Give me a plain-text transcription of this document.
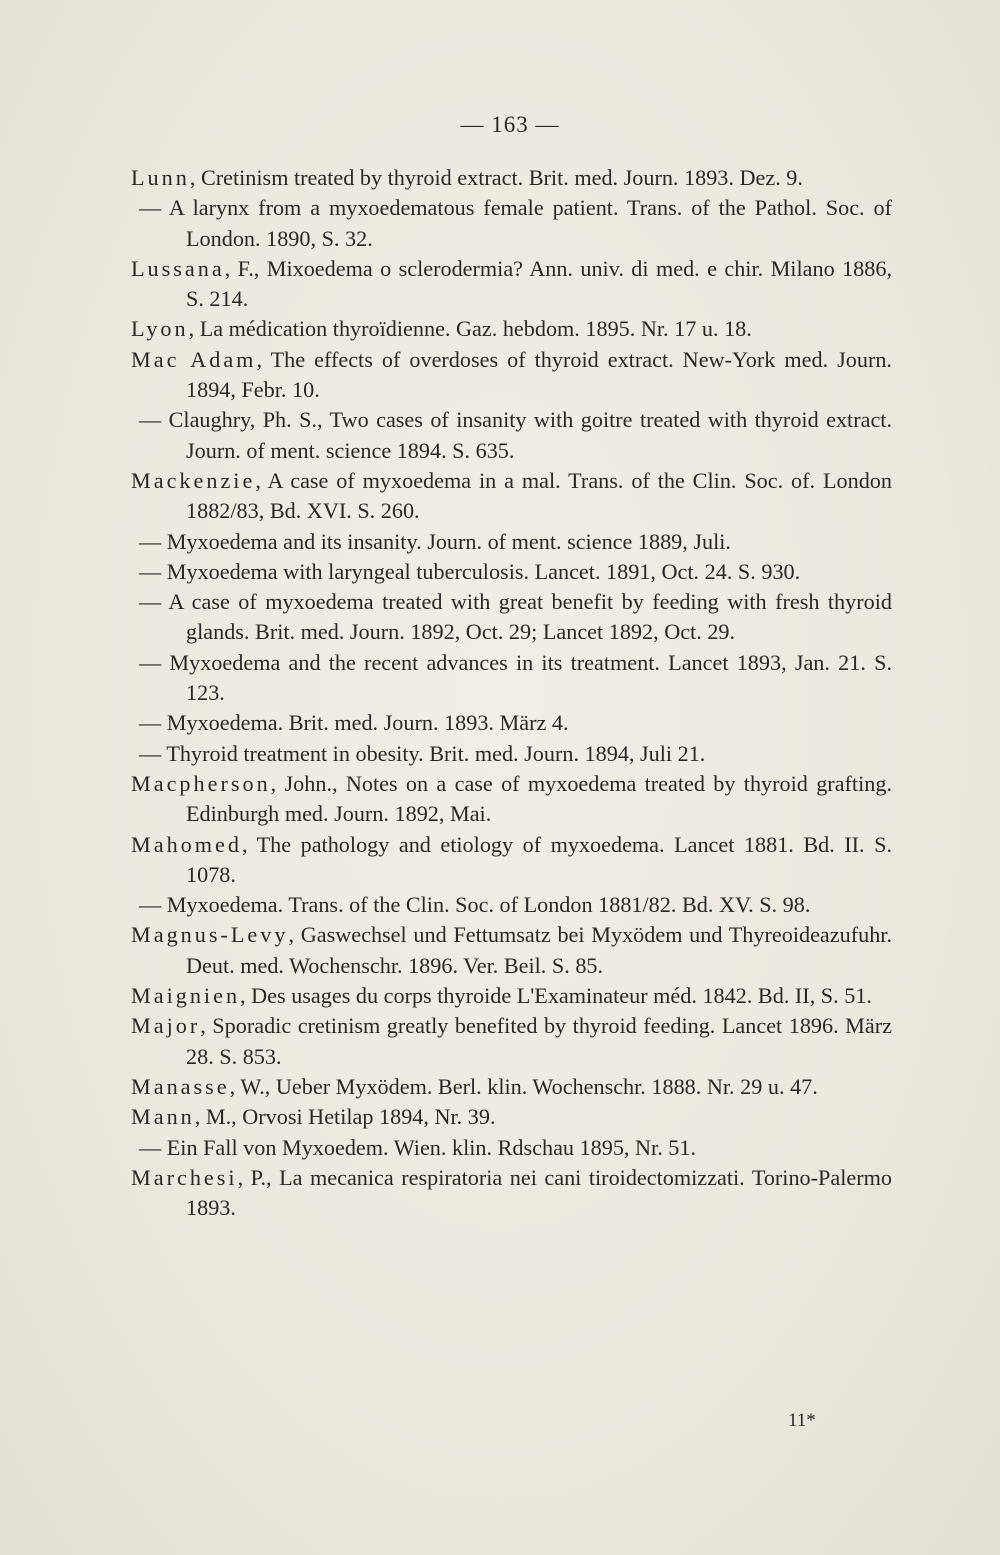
— 163 —
Lunn, Cretinism treated by thyroid extract. Brit. med. Journ. 1893. Dez. 9.
— A larynx from a myxoedematous female patient. Trans. of the Pathol. Soc. of London. 1890, S. 32.
Lussana, F., Mixoedema o sclerodermia? Ann. univ. di med. e chir. Milano 1886, S. 214.
Lyon, La médication thyroïdienne. Gaz. hebdom. 1895. Nr. 17 u. 18.
Mac Adam, The effects of overdoses of thyroid extract. New-York med. Journ. 1894, Febr. 10.
— Claughry, Ph. S., Two cases of insanity with goitre treated with thyroid extract. Journ. of ment. science 1894. S. 635.
Mackenzie, A case of myxoedema in a mal. Trans. of the Clin. Soc. of. London 1882/83, Bd. XVI. S. 260.
— Myxoedema and its insanity. Journ. of ment. science 1889, Juli.
— Myxoedema with laryngeal tuberculosis. Lancet. 1891, Oct. 24. S. 930.
— A case of myxoedema treated with great benefit by feeding with fresh thyroid glands. Brit. med. Journ. 1892, Oct. 29; Lancet 1892, Oct. 29.
— Myxoedema and the recent advances in its treatment. Lancet 1893, Jan. 21. S. 123.
— Myxoedema. Brit. med. Journ. 1893. März 4.
— Thyroid treatment in obesity. Brit. med. Journ. 1894, Juli 21.
Macpherson, John., Notes on a case of myxoedema treated by thyroid grafting. Edinburgh med. Journ. 1892, Mai.
Mahomed, The pathology and etiology of myxoedema. Lancet 1881. Bd. II. S. 1078.
— Myxoedema. Trans. of the Clin. Soc. of London 1881/82. Bd. XV. S. 98.
Magnus-Levy, Gaswechsel und Fettumsatz bei Myxödem und Thyreoideazufuhr. Deut. med. Wochenschr. 1896. Ver. Beil. S. 85.
Maignien, Des usages du corps thyroide L'Examinateur méd. 1842. Bd. II, S. 51.
Major, Sporadic cretinism greatly benefited by thyroid feeding. Lancet 1896. März 28. S. 853.
Manasse, W., Ueber Myxödem. Berl. klin. Wochenschr. 1888. Nr. 29 u. 47.
Mann, M., Orvosi Hetilap 1894, Nr. 39.
— Ein Fall von Myxoedem. Wien. klin. Rdschau 1895, Nr. 51.
Marchesi, P., La mecanica respiratoria nei cani tiroidectomizzati. Torino-Palermo 1893.
11*
